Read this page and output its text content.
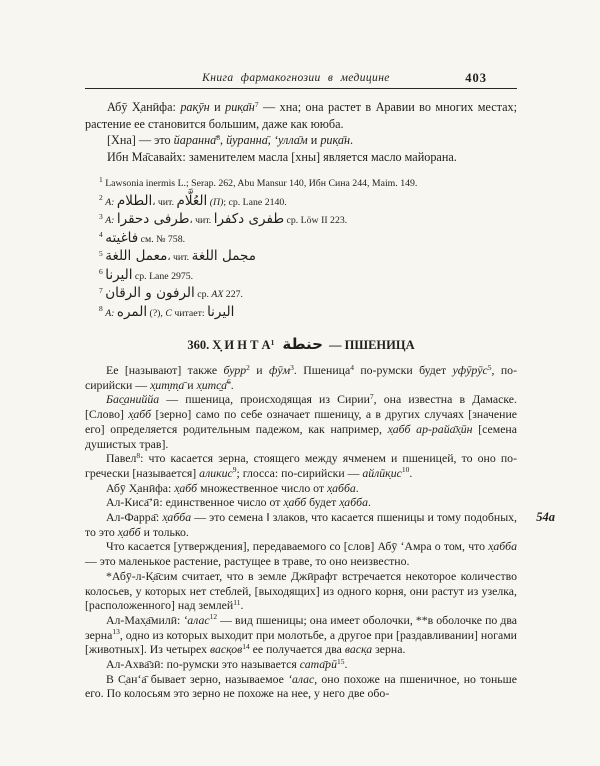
403
Книга фармакогнозии в медицине

Абӯ Х̣анӣфа: рак̣ӯн и $рик̣а̄н^7$ — хна; она растет в Аравии во многих местах; растение ее становится большим, даже как ююба.

[Хна] — это йаранна̄$^8$, йуранна̄, ‘улла̄м и рик̣а̄н.

Ибн Ма̄савайх: заменителем масла [хны] является масло майорана.

$^1$ Lawsonia inermis L.; Serap. 262, Abu Mansur 140, Ибн Сина 244, Maim. 149.

$^2$ А: الطلام، чит. العُلَّام (П); ср. Lane 2140.

$^3$ А: طرفى دحقرا، чит. طفرى دكفرا ср. Löw II 223.

$^4$ فاغيته см. № 758.

$^5$ معمل اللغة، чит. مجمل اللغة

$^6$ اليرنا ср. Lane 2975.

$^7$ الرفون و الرقان ср. АХ 227.

$^8$ А: المره (?), С читает: اليرنا

360. Х̣ И Н Т $А^1$ حنطة — ПШЕНИЦА

Ее [называют] также бурр$^2$ и фӯм$^3$. Пшеница$^4$ по-румски будет уфӯрӯс$^5$, по-сирийски — х̣ит̣т̣а̄ и х̣итс̱а̄$^6$.

Бас̱аниййа — пшеница, происходящая из Сирии$^7$, она известна в Дамаске. [Слово] х̣абб [зерно] само по себе означает пшеницу, а в других случаях [значение его] определяется родительным падежом, как например, х̣абб ар-райа̄х̣ӣн [семена душистых трав].

Павел$^8$: что касается зерна, стоящего между ячменем и пшеницей, то оно по-гречески [называется] аликис$^9$; глосса: по-сирийски — $айлӣк̣ис^{10}$.

Абӯ Х̣анӣфа: х̣абб множественное число от х̣абба.

Ал-Киса̄’ӣ: единственное число от х̣абб будет х̣абба.

Ал-Фарра̄: х̣абба — это семена ‖ злаков, что касается пшеницы и тому подобных, то это х̣абб и только.
54а

Что касается [утверждения], передаваемого со [слов] Абӯ ‘Амра о том, что х̣абба — это маленькое растение, растущее в траве, то оно неизвестно.

*Абӯ-л-К̣а̄сим считает, что в земле Джӣрафт встречается некоторое количество колосьев, у которых нет стеблей, [выходящих] из одного корня, они растут из узелка, [расположенного] над землей$^{11}$.

Ал-Мах̣а̄милӣ: ‘алас$^{12}$ — вид пшеницы; она имеет оболочки, **в оболочке по два зерна$^{13}$, одно из которых выходит при молотьбе, а другое при [раздавливании] ногами [животных]. Из четырех $васк̣ов^{14}$ ее получается два васк̣а зерна.

Ал-Ахва̄зӣ: по-румски это называется $сата̄рӣ^{15}$.

В С̣ан‘а̄ бывает зерно, называемое ‘алас, оно похоже на пшеничное, но тоньше его. По колосьям это зерно не похоже на нее, у него две обо-
